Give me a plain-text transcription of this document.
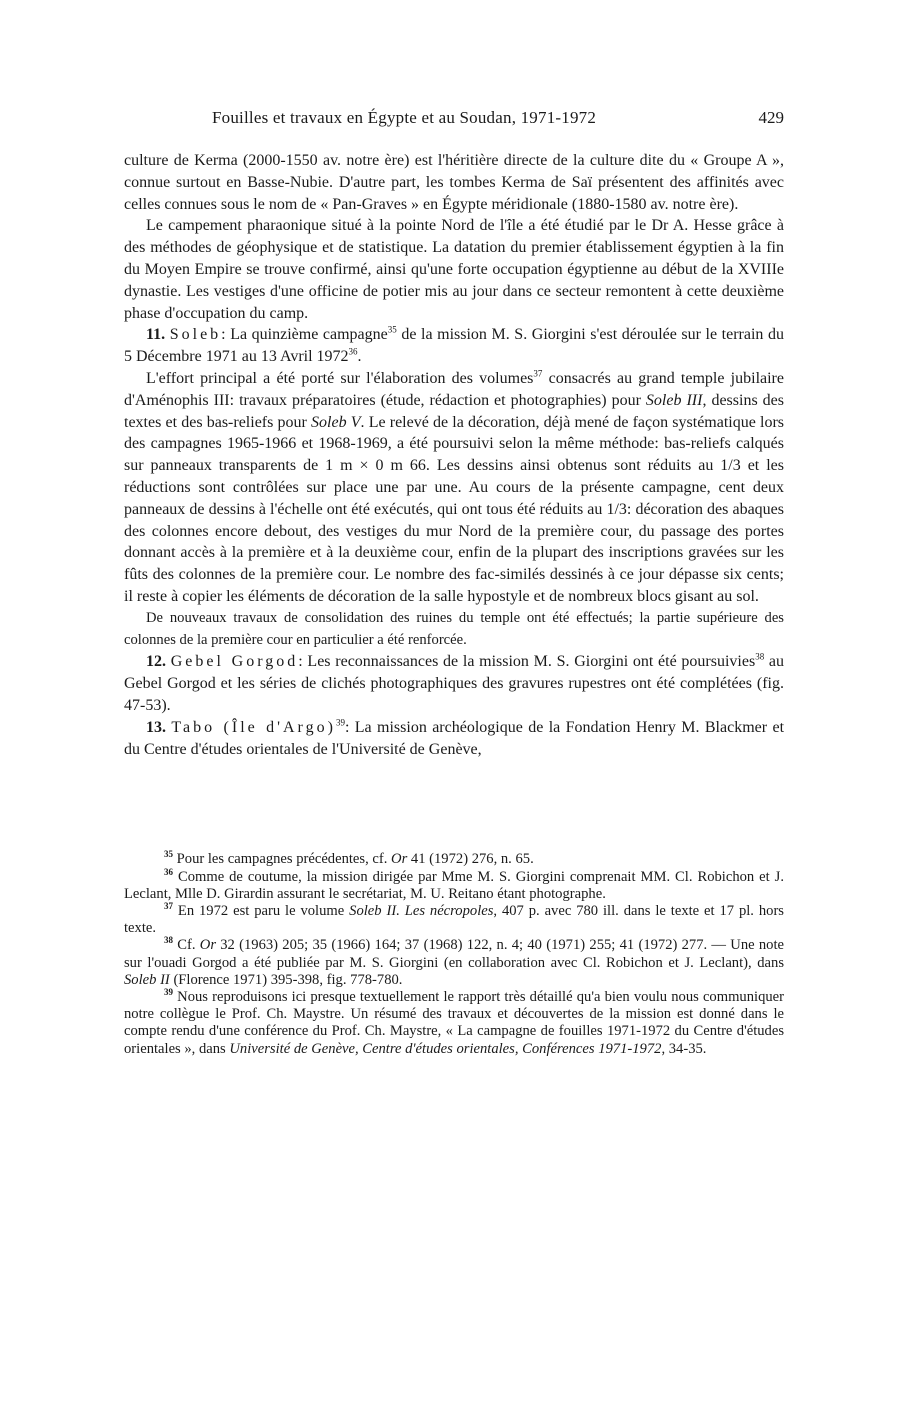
Fouilles et travaux en Égypte et au Soudan, 1971-1972	429

culture de Kerma (2000-1550 av. notre ère) est l'héritière directe de la culture dite du « Groupe A », connue surtout en Basse-Nubie. D'autre part, les tombes Kerma de Saï présentent des affinités avec celles connues sous le nom de « Pan-Graves » en Égypte méridionale (1880-1580 av. notre ère).

Le campement pharaonique situé à la pointe Nord de l'île a été étudié par le Dr A. Hesse grâce à des méthodes de géophysique et de statistique. La datation du premier établissement égyptien à la fin du Moyen Empire se trouve confirmé, ainsi qu'une forte occupation égyptienne au début de la XVIIIe dynastie. Les vestiges d'une officine de potier mis au jour dans ce secteur remontent à cette deuxième phase d'occupation du camp.

11. Soleb: La quinzième campagne$^{35}$ de la mission M. S. Giorgini s'est déroulée sur le terrain du 5 Décembre 1971 au 13 Avril 1972$^{36}$.

L'effort principal a été porté sur l'élaboration des volumes$^{37}$ consacrés au grand temple jubilaire d'Aménophis III: travaux préparatoires (étude, rédaction et photographies) pour Soleb III, dessins des textes et des bas-reliefs pour Soleb V. Le relevé de la décoration, déjà mené de façon systématique lors des campagnes 1965-1966 et 1968-1969, a été poursuivi selon la même méthode: bas-reliefs calqués sur panneaux transparents de 1 m × 0 m 66. Les dessins ainsi obtenus sont réduits au 1/3 et les réductions sont contrôlées sur place une par une. Au cours de la présente campagne, cent deux panneaux de dessins à l'échelle ont été exécutés, qui ont tous été réduits au 1/3: décoration des abaques des colonnes encore debout, des vestiges du mur Nord de la première cour, du passage des portes donnant accès à la première et à la deuxième cour, enfin de la plupart des inscriptions gravées sur les fûts des colonnes de la première cour. Le nombre des fac-similés dessinés à ce jour dépasse six cents; il reste à copier les éléments de décoration de la salle hypostyle et de nombreux blocs gisant au sol.

De nouveaux travaux de consolidation des ruines du temple ont été effectués; la partie supérieure des colonnes de la première cour en particulier a été renforcée.

12. Gebel Gorgod: Les reconnaissances de la mission M. S. Giorgini ont été poursuivies$^{38}$ au Gebel Gorgod et les séries de clichés photographiques des gravures rupestres ont été complétées (fig. 47-53).

13. Tabo (Île d'Argo)$^{39}$: La mission archéologique de la Fondation Henry M. Blackmer et du Centre d'études orientales de l'Université de Genève,

$^{35}$ Pour les campagnes précédentes, cf. Or 41 (1972) 276, n. 65.

$^{36}$ Comme de coutume, la mission dirigée par Mme M. S. Giorgini comprenait MM. Cl. Robichon et J. Leclant, Mlle D. Girardin assurant le secrétariat, M. U. Reitano étant photographe.

$^{37}$ En 1972 est paru le volume Soleb II. Les nécropoles, 407 p. avec 780 ill. dans le texte et 17 pl. hors texte.

$^{38}$ Cf. Or 32 (1963) 205; 35 (1966) 164; 37 (1968) 122, n. 4; 40 (1971) 255; 41 (1972) 277. — Une note sur l'ouadi Gorgod a été publiée par M. S. Giorgini (en collaboration avec Cl. Robichon et J. Leclant), dans Soleb II (Florence 1971) 395-398, fig. 778-780.

$^{39}$ Nous reproduisons ici presque textuellement le rapport très détaillé qu'a bien voulu nous communiquer notre collègue le Prof. Ch. Maystre. Un résumé des travaux et découvertes de la mission est donné dans le compte rendu d'une conférence du Prof. Ch. Maystre, « La campagne de fouilles 1971-1972 du Centre d'études orientales », dans Université de Genève, Centre d'études orientales, Conférences 1971-1972, 34-35.
